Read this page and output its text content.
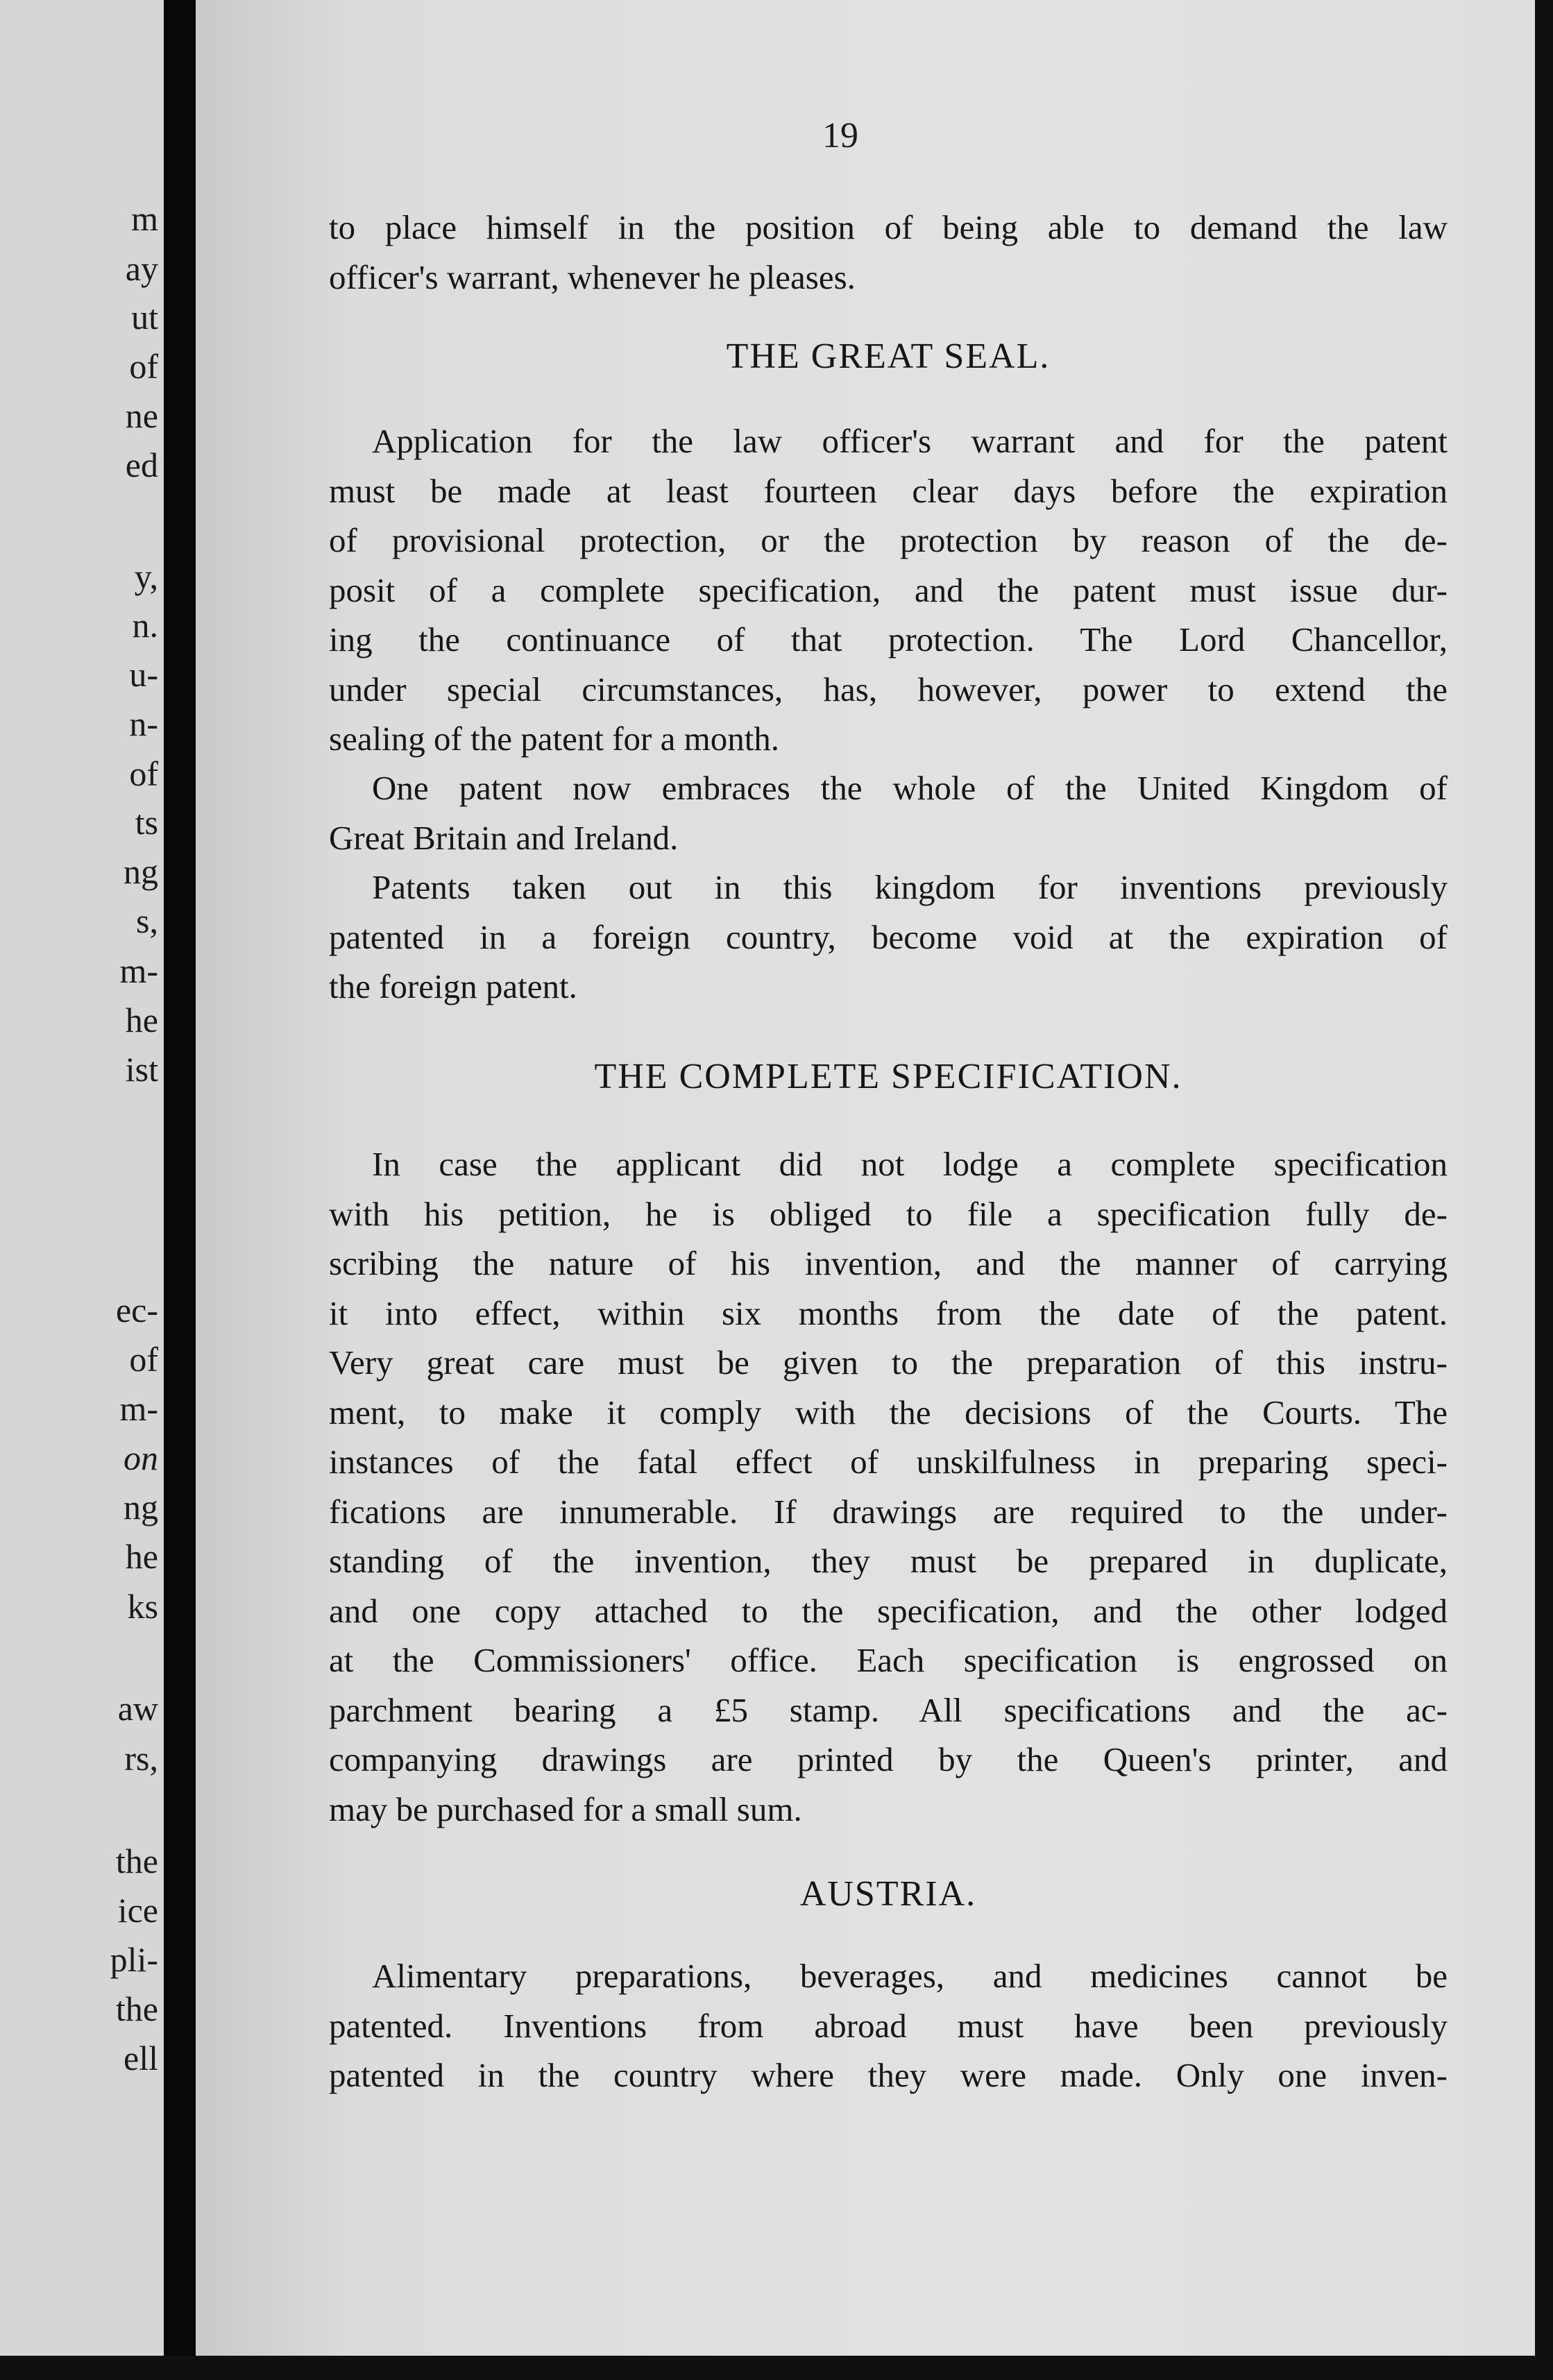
m
ay
ut
of
ne
ed
y,
n.
u-
n-
of
ts
ng
s,
m-
he
ist
ec-
of
m-
on
ng
he
ks
aw
rs,
the
ice
pli-
the
ell
19
to place himself in the position of being able to demand the law
officer's warrant, whenever he pleases.
THE GREAT SEAL.
Application for the law officer's warrant and for the patent
must be made at least fourteen clear days before the expiration
of provisional protection, or the protection by reason of the de-
posit of a complete specification, and the patent must issue dur-
ing the continuance of that protection. The Lord Chancellor,
under special circumstances, has, however, power to extend the
sealing of the patent for a month.
One patent now embraces the whole of the United Kingdom of
Great Britain and Ireland.
Patents taken out in this kingdom for inventions previously
patented in a foreign country, become void at the expiration of
the foreign patent.
THE COMPLETE SPECIFICATION.
In case the applicant did not lodge a complete specification
with his petition, he is obliged to file a specification fully de-
scribing the nature of his invention, and the manner of carrying
it into effect, within six months from the date of the patent.
Very great care must be given to the preparation of this instru-
ment, to make it comply with the decisions of the Courts. The
instances of the fatal effect of unskilfulness in preparing speci-
fications are innumerable. If drawings are required to the under-
standing of the invention, they must be prepared in duplicate,
and one copy attached to the specification, and the other lodged
at the Commissioners' office. Each specification is engrossed on
parchment bearing a £5 stamp. All specifications and the ac-
companying drawings are printed by the Queen's printer, and
may be purchased for a small sum.
AUSTRIA.
Alimentary preparations, beverages, and medicines cannot be
patented. Inventions from abroad must have been previously
patented in the country where they were made. Only one inven-
